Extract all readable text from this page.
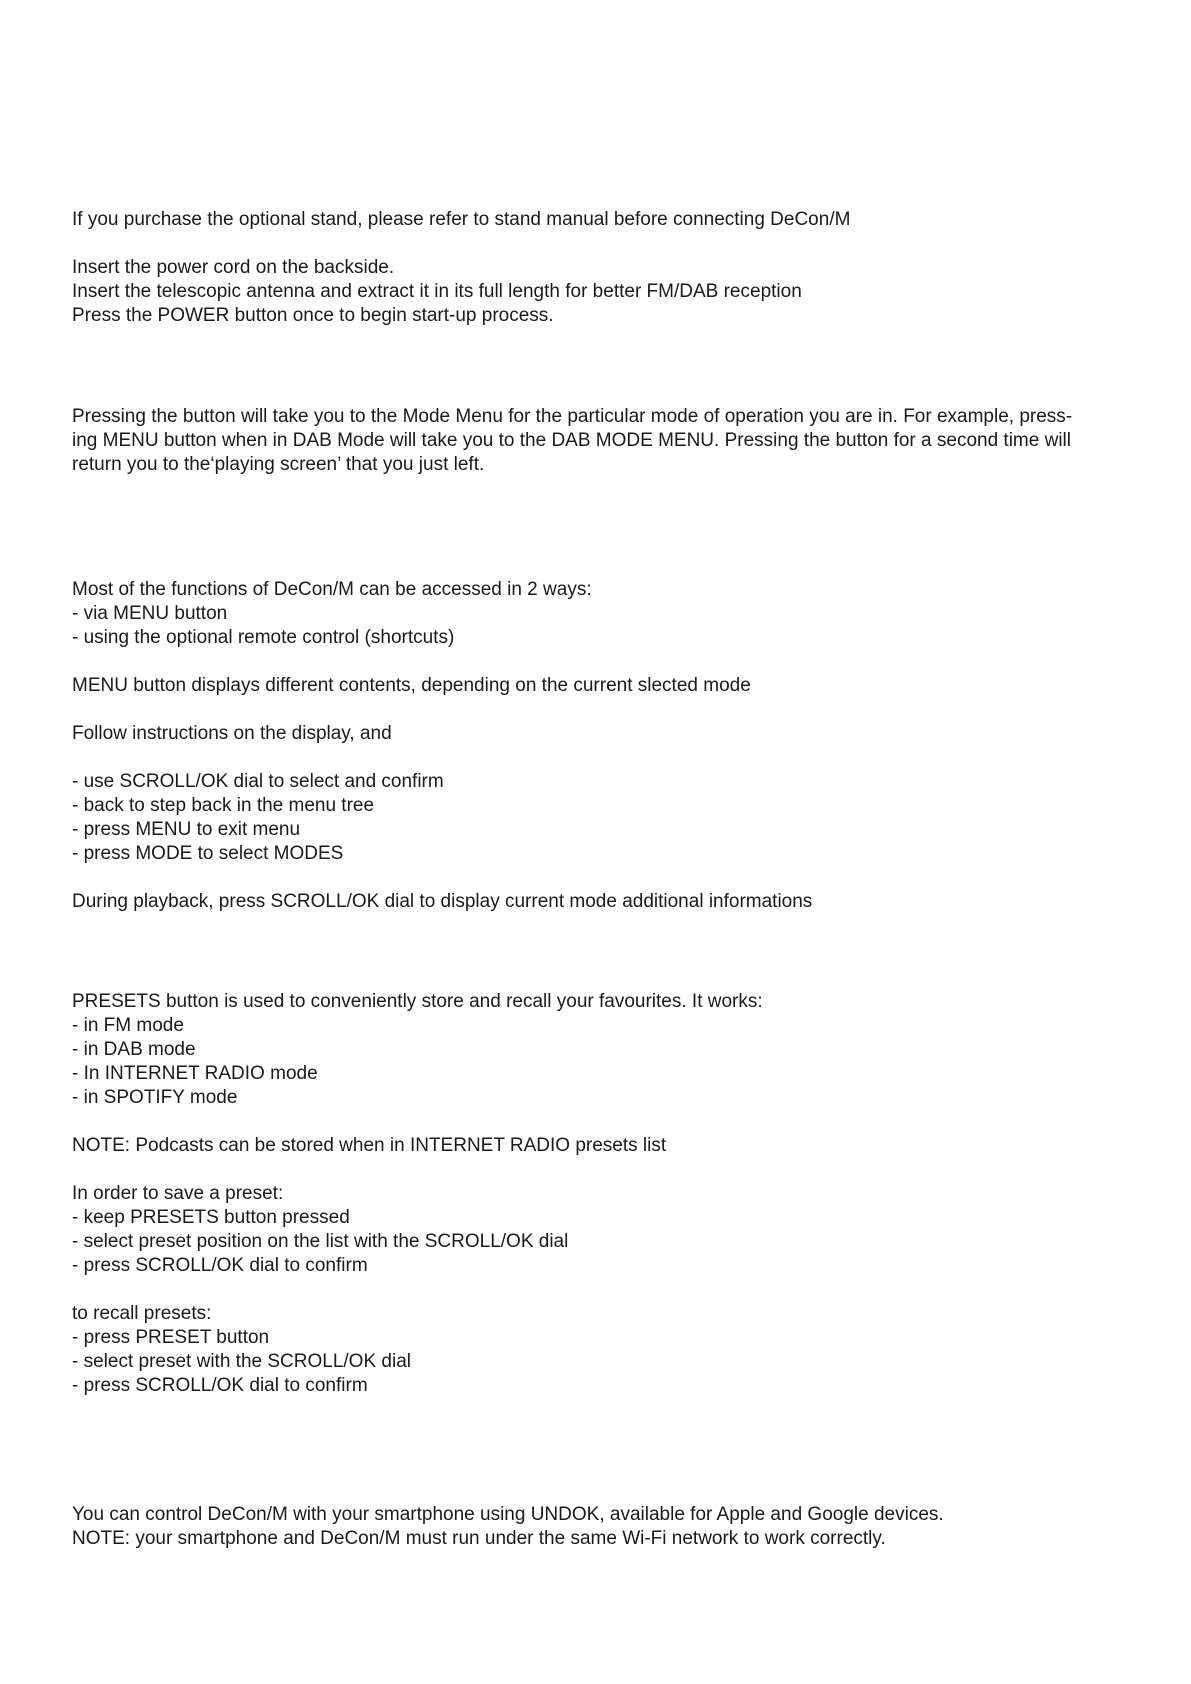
If you purchase the optional stand, please refer to stand manual before connecting DeCon/M
Insert the power cord on the backside.
Insert the telescopic antenna and extract it in its full length for better FM/DAB reception
Press the POWER button once to begin start-up process.
Pressing the button will take you to the Mode Menu for the particular mode of operation you are in. For example, press-
ing MENU button when in DAB Mode will take you to the DAB MODE MENU. Pressing the button for a second time will
return you to the‘playing screen’ that you just left.
Most of the functions of DeCon/M can be accessed in 2 ways:
- via MENU button
- using the optional remote control (shortcuts)
MENU button displays different contents, depending on the current slected mode
Follow instructions on the display, and
- use SCROLL/OK dial to select and confirm
- back to step back in the menu tree
- press MENU to exit menu
- press MODE to select MODES
During playback, press SCROLL/OK dial to display current mode additional informations
PRESETS button is used to conveniently store and recall your favourites. It works:
- in FM mode
- in DAB mode
- In INTERNET RADIO mode
- in SPOTIFY mode
NOTE: Podcasts can be stored when in INTERNET RADIO presets list
In order to save a preset:
- keep PRESETS button pressed
- select preset position on the list with the SCROLL/OK dial
- press SCROLL/OK dial to confirm
to recall presets:
- press PRESET button
- select preset with the SCROLL/OK dial
- press SCROLL/OK dial to confirm
You can control DeCon/M with your smartphone using UNDOK, available for Apple and Google devices.
NOTE: your smartphone and DeCon/M must run under the same Wi-Fi network to work correctly.
